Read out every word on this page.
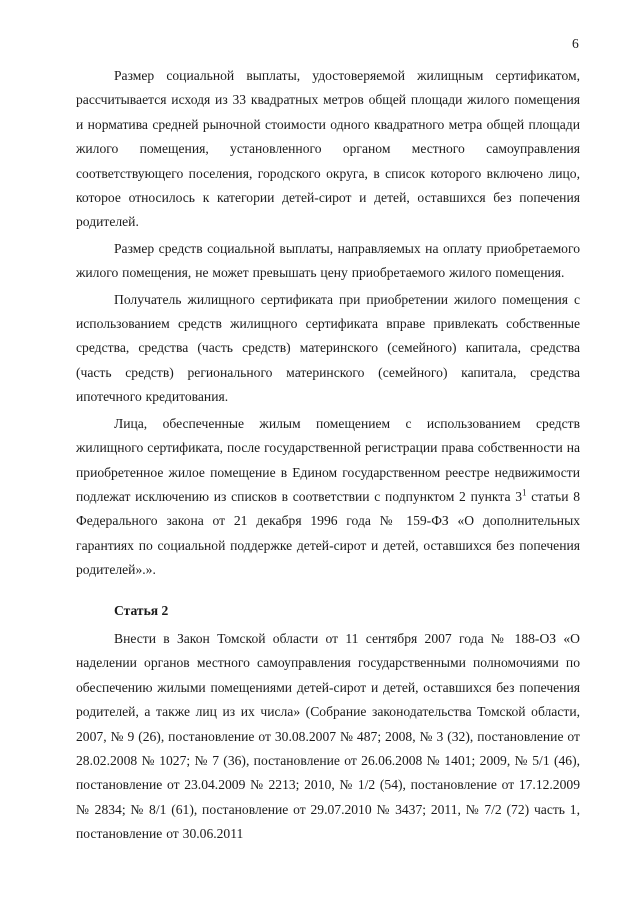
6

Размер социальной выплаты, удостоверяемой жилищным сертификатом, рассчитывается исходя из 33 квадратных метров общей площади жилого помещения и норматива средней рыночной стоимости одного квадратного метра общей площади жилого помещения, установленного органом местного самоуправления соответствующего поселения, городского округа, в список которого включено лицо, которое относилось к категории детей-сирот и детей, оставшихся без попечения родителей.

Размер средств социальной выплаты, направляемых на оплату приобретаемого жилого помещения, не может превышать цену приобретаемого жилого помещения.

Получатель жилищного сертификата при приобретении жилого помещения с использованием средств жилищного сертификата вправе привлекать собственные средства, средства (часть средств) материнского (семейного) капитала, средства (часть средств) регионального материнского (семейного) капитала, средства ипотечного кредитования.

Лица, обеспеченные жилым помещением с использованием средств жилищного сертификата, после государственной регистрации права собственности на приобретенное жилое помещение в Едином государственном реестре недвижимости подлежат исключению из списков в соответствии с подпунктом 2 пункта $3^1$ статьи 8 Федерального закона от 21 декабря 1996 года № 159-ФЗ «О дополнительных гарантиях по социальной поддержке детей-сирот и детей, оставшихся без попечения родителей».».

Статья 2

Внести в Закон Томской области от 11 сентября 2007 года № 188-ОЗ «О наделении органов местного самоуправления государственными полномочиями по обеспечению жилыми помещениями детей-сирот и детей, оставшихся без попечения родителей, а также лиц из их числа» (Собрание законодательства Томской области, 2007, № 9 (26), постановление от 30.08.2007 № 487; 2008, № 3 (32), постановление от 28.02.2008 № 1027; № 7 (36), постановление от 26.06.2008 № 1401; 2009, № 5/1 (46), постановление от 23.04.2009 № 2213; 2010, № 1/2 (54), постановление от 17.12.2009 № 2834; № 8/1 (61), постановление от 29.07.2010 № 3437; 2011, № 7/2 (72) часть 1, постановление от 30.06.2011
